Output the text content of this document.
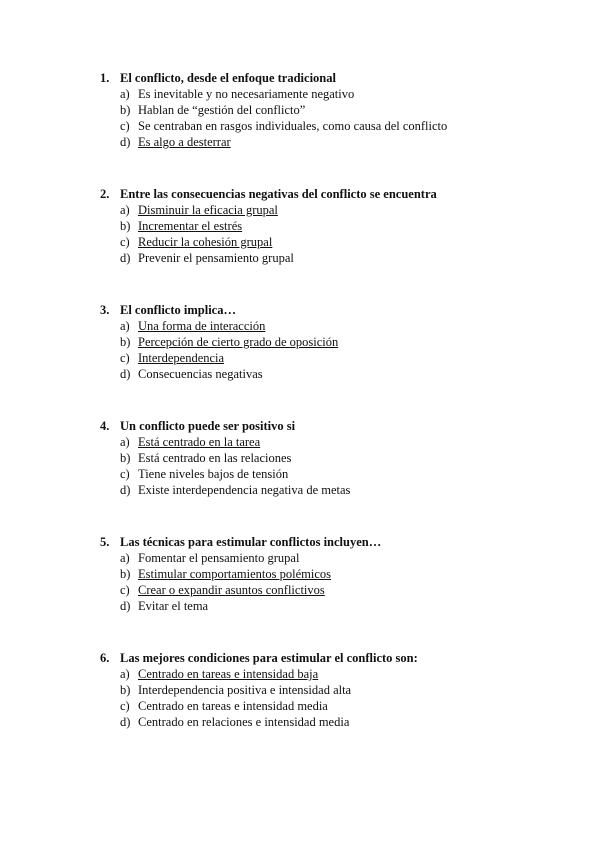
1. El conflicto, desde el enfoque tradicional
a) Es inevitable y no necesariamente negativo
b) Hablan de “gestión del conflicto”
c) Se centraban en rasgos individuales, como causa del conflicto
d) Es algo a desterrar
2. Entre las consecuencias negativas del conflicto se encuentra
a) Disminuir la eficacia grupal
b) Incrementar el estrés
c) Reducir la cohesión grupal
d) Prevenir el pensamiento grupal
3. El conflicto implica…
a) Una forma de interacción
b) Percepción de cierto grado de oposición
c) Interdependencia
d) Consecuencias negativas
4. Un conflicto puede ser positivo si
a) Está centrado en la tarea
b) Está centrado en las relaciones
c) Tiene niveles bajos de tensión
d) Existe interdependencia negativa de metas
5. Las técnicas para estimular conflictos incluyen…
a) Fomentar el pensamiento grupal
b) Estimular comportamientos polémicos
c) Crear o expandir asuntos conflictivos
d) Evitar el tema
6. Las mejores condiciones para estimular el conflicto son:
a) Centrado en tareas e intensidad baja
b) Interdependencia positiva e intensidad alta
c) Centrado en tareas e intensidad media
d) Centrado en relaciones e intensidad media
